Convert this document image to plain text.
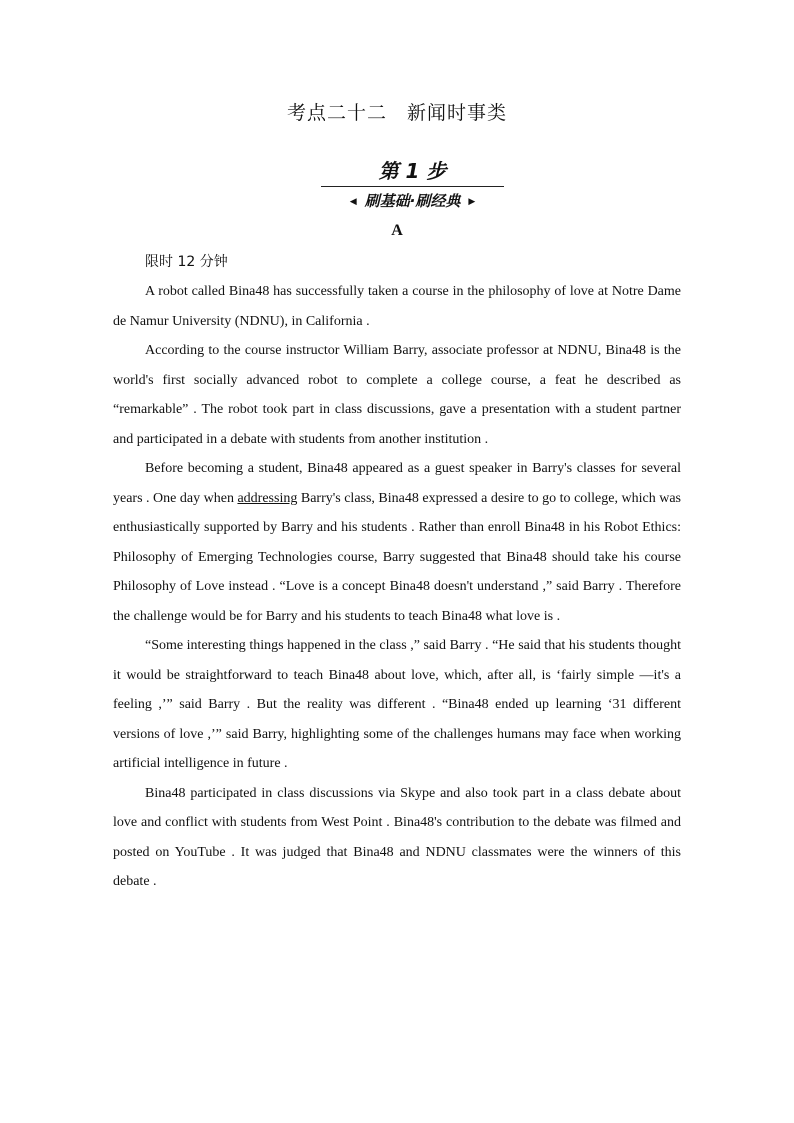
考点二十二　新闻时事类
第 1 步
◀ 刷基础·刷经典 ▶
A
限时 12 分钟

A robot called Bina48 has successfully taken a course in the philosophy of love at Notre Dame de Namur University (NDNU), in California .

According to the course instructor William Barry, associate professor at NDNU, Bina48 is the world's first socially advanced robot to complete a college course, a feat he described as “remarkable” . The robot took part in class discussions, gave a presentation with a student partner and participated in a debate with students from another institution .

Before becoming a student, Bina48 appeared as a guest speaker in Barry's classes for several years . One day when addressing Barry's class, Bina48 expressed a desire to go to college, which was enthusiastically supported by Barry and his students . Rather than enroll Bina48 in his Robot Ethics: Philosophy of Emerging Technologies course, Barry suggested that Bina48 should take his course Philosophy of Love instead . “Love is a concept Bina48 doesn't understand ,” said Barry . Therefore the challenge would be for Barry and his students to teach Bina48 what love is .

“Some interesting things happened in the class ,” said Barry . “He said that his students thought it would be straightforward to teach Bina48 about love, which, after all, is ‘fairly simple —it's a feeling ,’” said Barry . But the reality was different . “Bina48 ended up learning ‘31 different versions of love ,’” said Barry, highlighting some of the challenges humans may face when working artificial intelligence in future .

Bina48 participated in class discussions via Skype and also took part in a class debate about love and conflict with students from West Point . Bina48's contribution to the debate was filmed and posted on YouTube . It was judged that Bina48 and NDNU classmates were the winners of this debate .
